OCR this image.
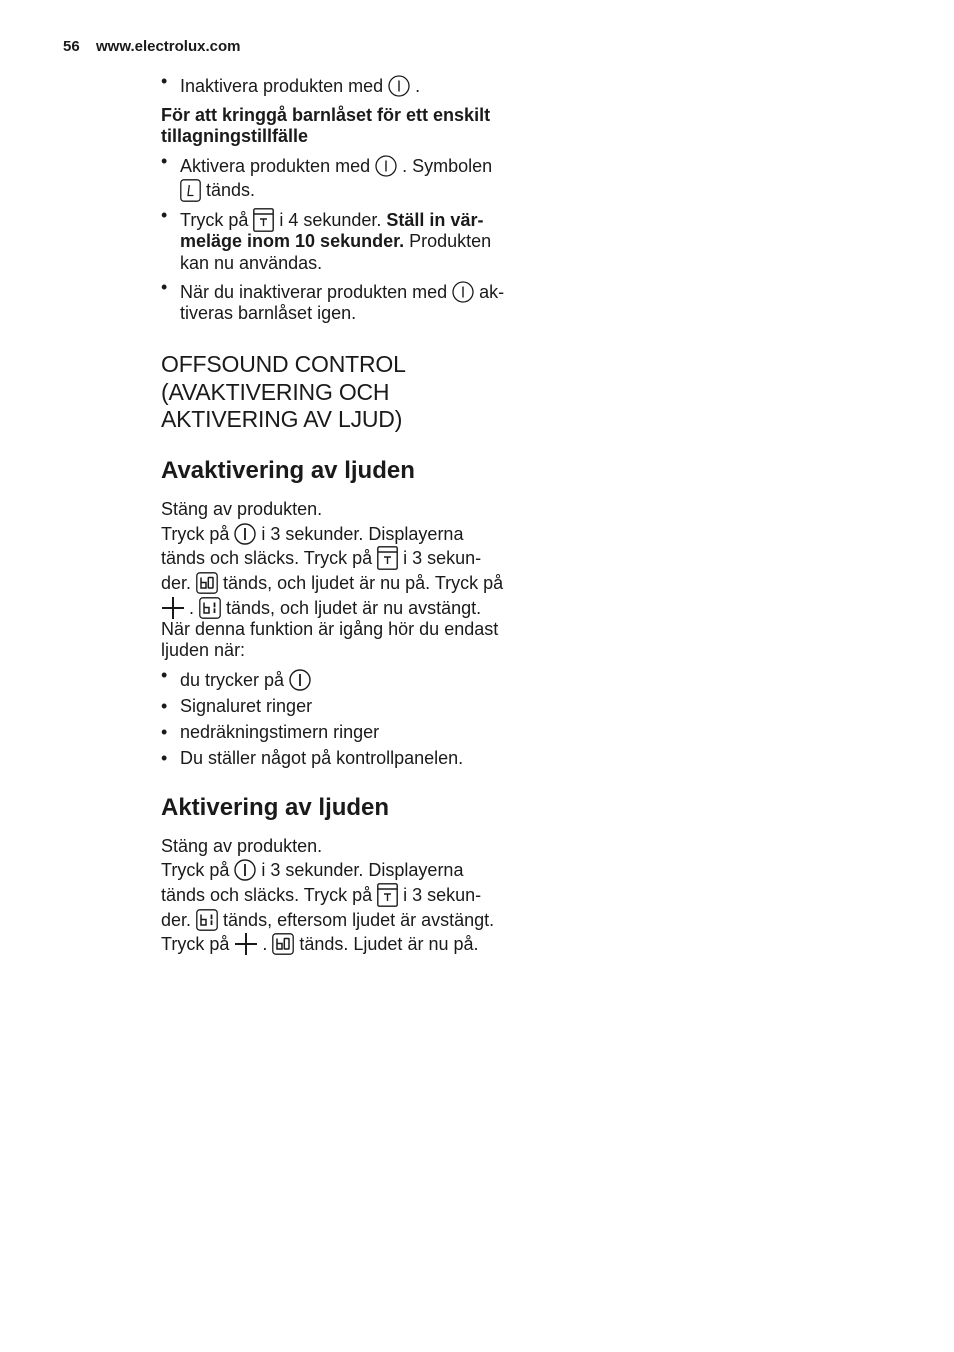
56 www.electrolux.com
• Inaktivera produkten med .
För att kringgå barnlåset för ett enskilt
tillagningstillfälle
• Aktivera produkten med . Symbolen
tänds.
• Tryck på i 4 sekunder. Ställ in vär-
meläge inom 10 sekunder. Produkten
kan nu användas.
• När du inaktiverar produkten med ak-
tiveras barnlåset igen.
OFFSOUND CONTROL
(AVAKTIVERING OCH
AKTIVERING AV LJUD)
Avaktivering av ljuden
Stäng av produkten.
Tryck på i 3 sekunder. Displayerna
tänds och släcks. Tryck på i 3 sekun-
der. tänds, och ljudet är nu på. Tryck på
. tänds, och ljudet är nu avstängt.
När denna funktion är igång hör du endast
ljuden när:
• du trycker på
• Signaluret ringer
• nedräkningstimern ringer
• Du ställer något på kontrollpanelen.
Aktivering av ljuden
Stäng av produkten.
Tryck på i 3 sekunder. Displayerna
tänds och släcks. Tryck på i 3 sekun-
der. tänds, eftersom ljudet är avstängt.
Tryck på . tänds. Ljudet är nu på.
